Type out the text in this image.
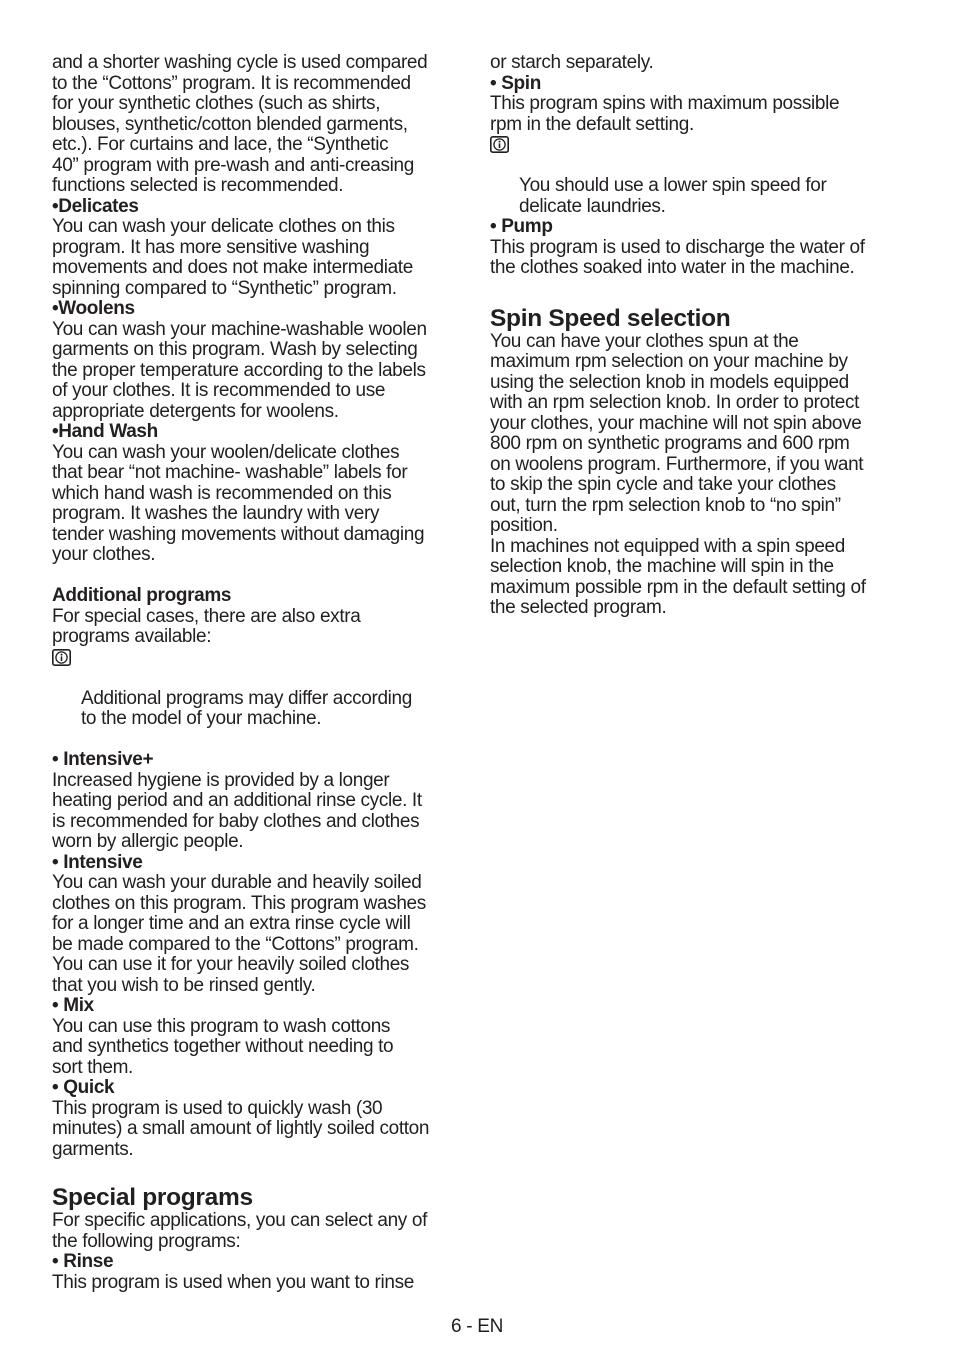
and a shorter washing cycle is used compared
to the “Cottons” program. It is recommended
for your synthetic clothes (such as shirts,
blouses, synthetic/cotton blended garments,
etc.). For curtains and lace, the “Synthetic
40” program with pre-wash and anti-creasing
functions selected is recommended.

•Delicates

You can wash your delicate clothes on this
program. It has more sensitive washing
movements and does not make intermediate
spinning compared to “Synthetic” program.

•Woolens

You can wash your machine-washable woolen
garments on this program. Wash by selecting
the proper temperature according to the labels
of your clothes. It is recommended to use
appropriate detergents for woolens.

•Hand Wash

You can wash your woolen/delicate clothes
that bear “not machine- washable” labels for
which hand wash is recommended on this
program. It washes the laundry with very
tender washing movements without damaging
your clothes.

Additional programs

For special cases, there are also extra
programs available:

Additional programs may differ according
to the model of your machine.

• Intensive+

Increased hygiene is provided by a longer
heating period and an additional rinse cycle. It
is recommended for baby clothes and clothes
worn by allergic people.

• Intensive

You can wash your durable and heavily soiled
clothes on this program. This program washes
for a longer time and an extra rinse cycle will
be made compared to the “Cottons” program.
You can use it for your heavily soiled clothes
that you wish to be rinsed gently.

• Mix

You can use this program to wash cottons
and synthetics together without needing to
sort them.

• Quick

This program is used to quickly wash (30
minutes) a small amount of lightly soiled cotton
garments.

Special programs

For specific applications, you can select any of
the following programs:

• Rinse

This program is used when you want to rinse

or starch separately.

• Spin

This program spins with maximum possible
rpm in the default setting.

You should use a lower spin speed for
delicate laundries.

• Pump

This program is used to discharge the water of
the clothes soaked into water in the machine.

Spin Speed selection

You can have your clothes spun at the
maximum rpm selection on your machine by
using the selection knob in models equipped
with an rpm selection knob. In order to protect
your clothes, your machine will not spin above
800 rpm on synthetic programs and 600 rpm
on woolens program. Furthermore, if you want
to skip the spin cycle and take your clothes
out, turn the rpm selection knob to “no spin”
position.

In machines not equipped with a spin speed
selection knob, the machine will spin in the
maximum possible rpm in the default setting of
the selected program.

6 - EN
